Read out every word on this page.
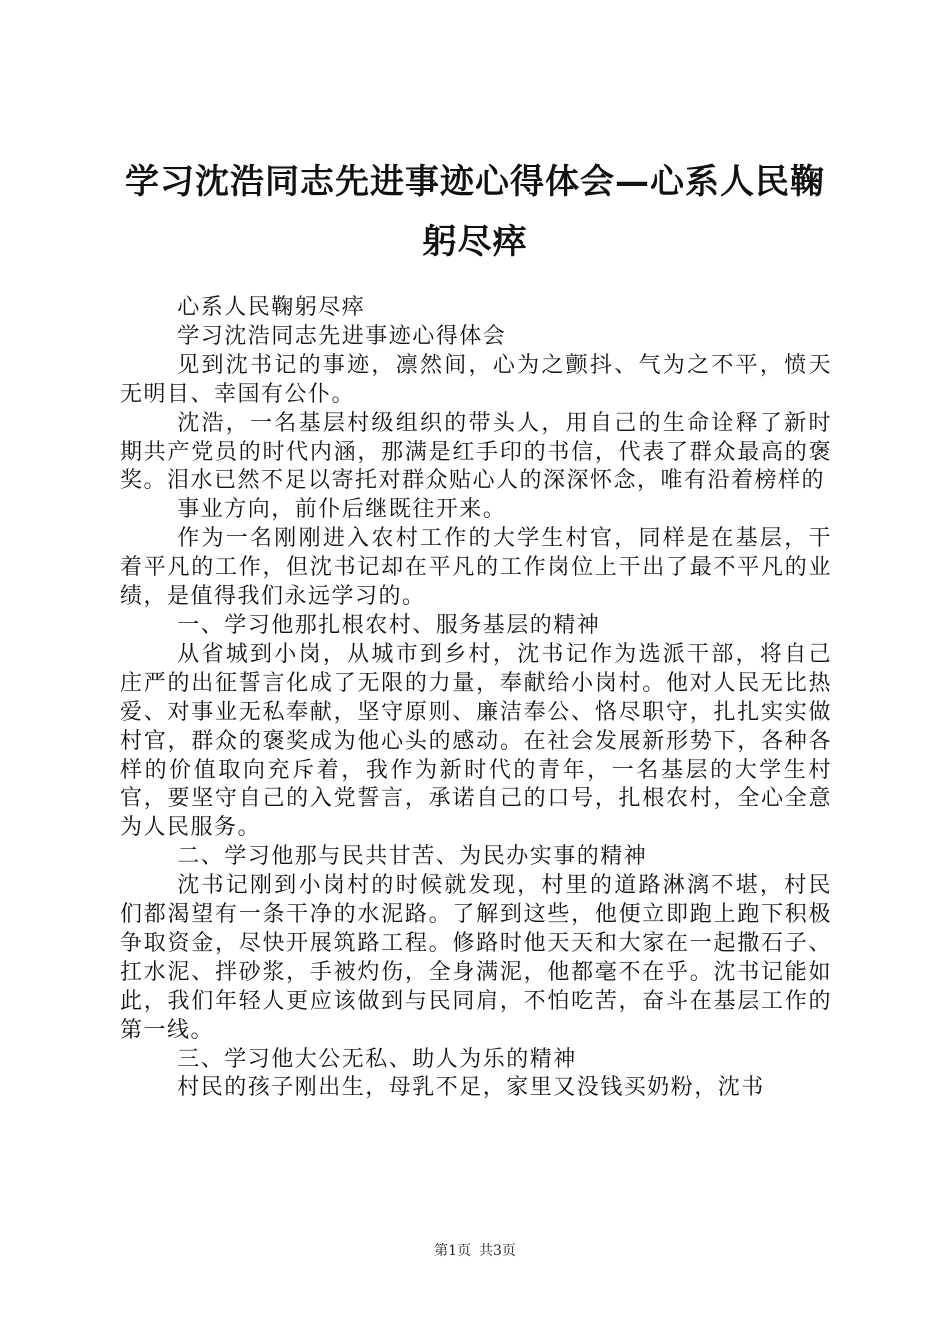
学习沈浩同志先进事迹心得体会—心系人民鞠
躬尽瘁

心系人民鞠躬尽瘁

学习沈浩同志先进事迹心得体会

见到沈书记的事迹，凛然间，心为之颤抖、气为之不平，愤天无明目、幸国有公仆。

沈浩，一名基层村级组织的带头人，用自己的生命诠释了新时期共产党员的时代内涵，那满是红手印的书信，代表了群众最高的褒奖。泪水已然不足以寄托对群众贴心人的深深怀念，唯有沿着榜样的

事业方向，前仆后继既往开来。

作为一名刚刚进入农村工作的大学生村官，同样是在基层，干着平凡的工作，但沈书记却在平凡的工作岗位上干出了最不平凡的业绩，是值得我们永远学习的。

一、学习他那扎根农村、服务基层的精神

从省城到小岗，从城市到乡村，沈书记作为选派干部，将自己庄严的出征誓言化成了无限的力量，奉献给小岗村。他对人民无比热爱、对事业无私奉献，坚守原则、廉洁奉公、恪尽职守，扎扎实实做村官，群众的褒奖成为他心头的感动。在社会发展新形势下，各种各样的价值取向充斥着，我作为新时代的青年，一名基层的大学生村官，要坚守自己的入党誓言，承诺自己的口号，扎根农村，全心全意为人民服务。

二、学习他那与民共甘苦、为民办实事的精神

沈书记刚到小岗村的时候就发现，村里的道路淋漓不堪，村民们都渴望有一条干净的水泥路。了解到这些，他便立即跑上跑下积极争取资金，尽快开展筑路工程。修路时他天天和大家在一起撒石子、扛水泥、拌砂浆，手被灼伤，全身满泥，他都毫不在乎。沈书记能如此，我们年轻人更应该做到与民同肩，不怕吃苦，奋斗在基层工作的第一线。

三、学习他大公无私、助人为乐的精神

村民的孩子刚出生，母乳不足，家里又没钱买奶粉，沈书

第1页 共3页
